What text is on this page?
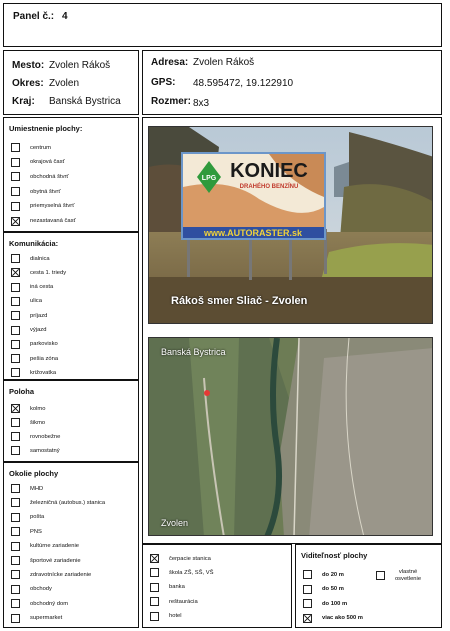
Panel č.: 4
Mesto: Zvolen Rákoš
Okres: Zvolen
Kraj: Banská Bystrica
Adresa: Zvolen Rákoš
GPS: 48.595472, 19.122910
Rozmer: 8x3
Umiestnenie plochy:
centrum
okrajová časť
obchodná štvrť
obytná štvrť
priemyselná štvrť
nezastavaná časť
Komunikácia:
dialnica
cesta 1. triedy
iná cesta
ulica
príjazd
výjazd
parkovisko
pešia zóna
križovatka
Poloha
kolmo
šikmo
rovnobežne
samostatný
Okolie plochy
MHD
železničná (autobus.) stanica
pošta
PNS
kultúrne zariadenie
športové zariadenie
zdravotnícke zariadenie
obchody
obchodný dom
supermarket
LPG KONIEC
DRAHÉHO BENZÍNU
www.AUTORASTER.sk
Rákoš smer Sliač - Zvolen
Banská Bystrica
Zvolen
čerpacie stanica
škola ZŠ, SŠ, VŠ
banka
reštaurácia
hotel
Viditeľnosť plochy
do 20 m
do 50 m
do 100 m
viac ako 500 m
vlastné osvetlenie
